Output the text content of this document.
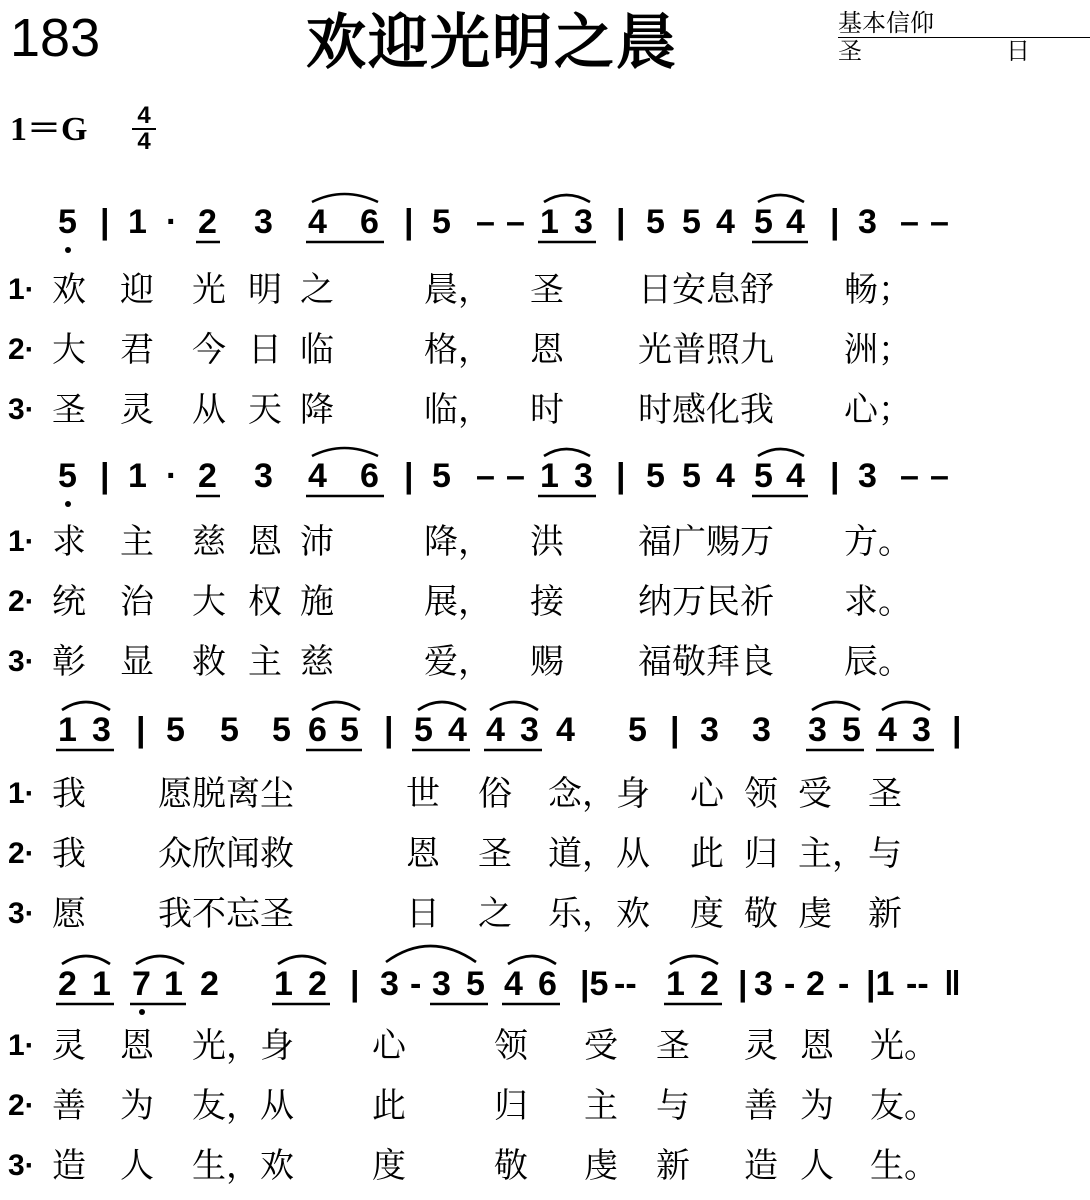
183	欢迎光明之晨	基本信仰
圣　日
1＝G 4
4
5 | 1 · 2 3 4 6 | 5 – – 1 3 | 5 5 4 5 4 | 3 – –
1· 欢 迎 光 明 之	晨， 圣 日安息舒 畅；
2· 大 君 今 日 临	格， 恩 光普照九 洲；
3· 圣 灵 从 天 降	临， 时 时感化我 心；
5 | 1 · 2 3 4 6 | 5 – – 1 3 | 5 5 4 5 4 | 3 – –
1· 求 主 慈 恩 沛	降， 洪 福广赐万 方。
2· 统 治 大 权 施	展， 接 纳万民祈 求。
3· 彰 显 救 主 慈	爱， 赐 福敬拜良 辰。
1 3 | 5 5 5 6 5 | 5 4 4 3 4 5 | 3 3 3 5 4 3 |
1· 我 愿脱离尘	世 俗 念，身 心 领 受 圣
2· 我 众欣闻救	恩 圣 道，从 此 归 主， 与
3· 愿 我不忘圣	日 之 乐，欢 度 敬 虔 新
2 1 7 1 2 1 2 | 3 - 3 5 4 6 |5 -- 1 2 | 3 - 2 - |1 -- ‖
1· 灵 恩 光，身 心	领 受 圣 灵 恩 光。
2· 善 为 友，从 此	归 主 与 善 为 友。
3· 造 人 生，欢 度	敬 虔 新 造 人 生。
